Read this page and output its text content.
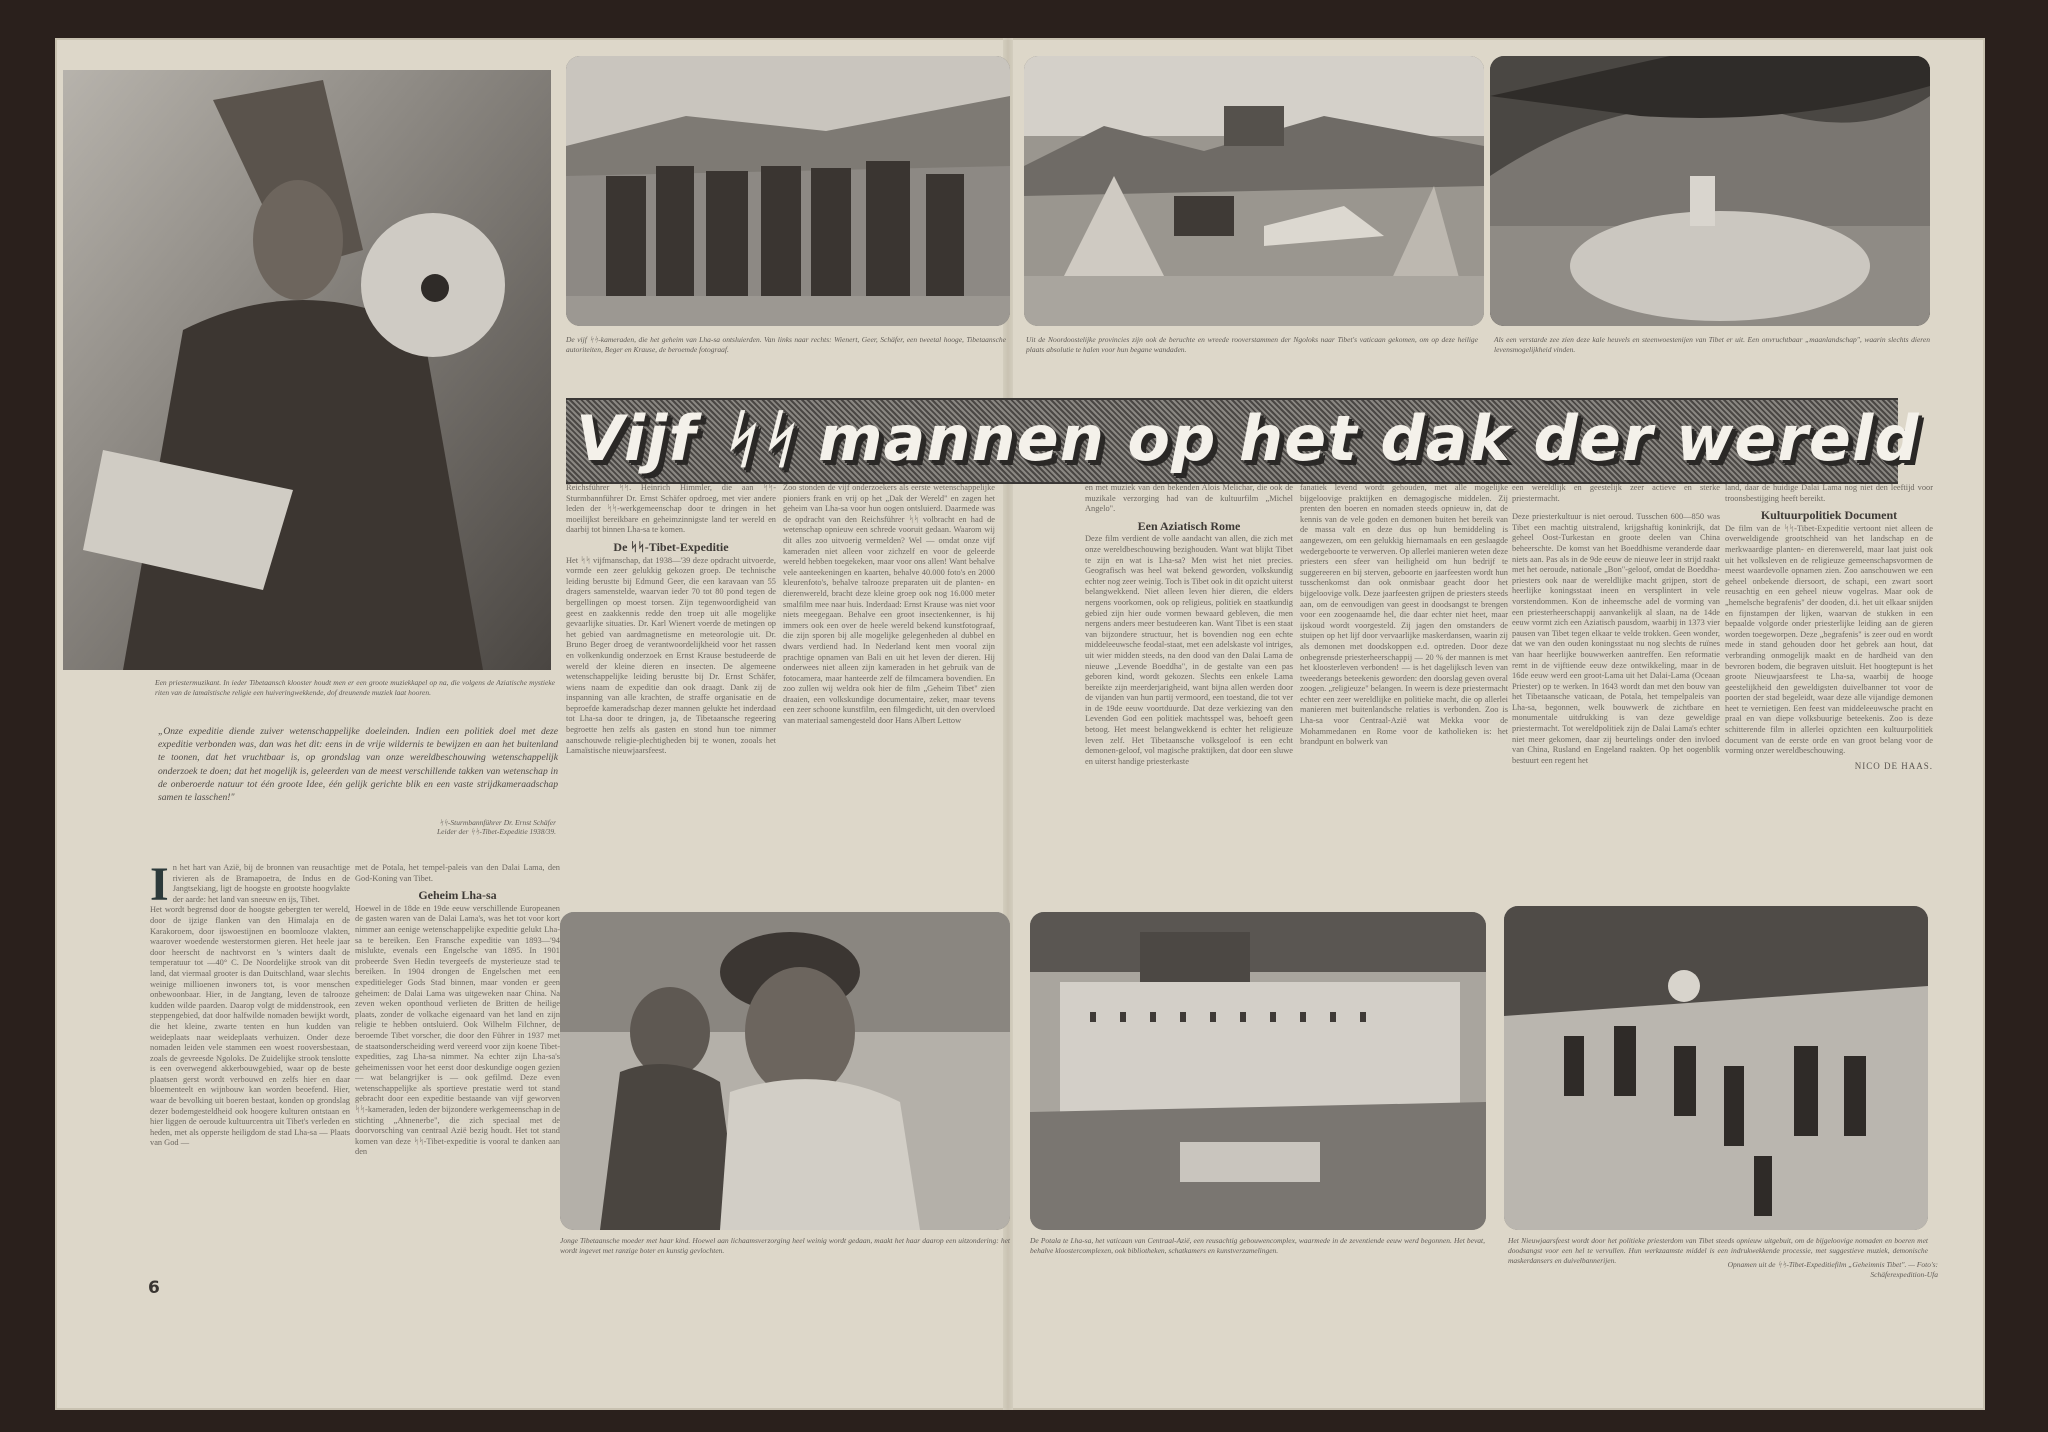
Een priestermuzikant. In ieder Tibetaansch klooster houdt men er een groote muziekkapel op na, die volgens de Aziatische mystieke riten van de lamaïstische religie een huiveringwekkende, dof dreunende muziek laat hooren.
De vijf ᛋᛋ-kameraden, die het geheim van Lha-sa ontsluierden. Van links naar rechts: Wienert, Geer, Schäfer, een tweetal hooge, Tibetaansche autoriteiten, Beger en Krause, de beroemde fotograaf.
Uit de Noordoostelijke provincies zijn ook de beruchte en wreede rooverstammen der Ngoloks naar Tibet's vaticaan gekomen, om op deze heilige plaats absolutie te halen voor hun begane wandaden.
Als een verstarde zee zien deze kale heuvels en steenwoestenijen van Tibet er uit. Een onvruchtbaar „maanlandschap", waarin slechts dieren levensmogelijkheid vinden.
Vijf ᛋᛋ mannen op het dak der wereld
„Onze expeditie diende zuiver wetenschappelijke doeleinden. Indien een politiek doel met deze expeditie verbonden was, dan was het dit: eens in de vrije wildernis te bewijzen en aan het buitenland te toonen, dat het vruchtbaar is, op grondslag van onze wereldbeschouwing wetenschappelijk onderzoek te doen; dat het mogelijk is, geleerden van de meest verschillende takken van wetenschap in de onberoerde natuur tot één groote Idee, één gelijk gerichte blik en een vaste strijdkameraadschap samen te lasschen!"
ᛋᛋ-Sturmbannführer Dr. Ernst Schäfer
Leider der ᛋᛋ-Tibet-Expeditie 1938/39.
I n het hart van Azië, bij de bronnen van reusachtige rivieren als de Bramapoetra, de Indus en de Jangtsekiang, ligt de hoogste en grootste hoogvlakte der aarde: het land van sneeuw en ijs, Tibet.

Het wordt begrensd door de hoogste gebergten ter wereld, door de ijzige flanken van den Himalaja en de Karakoroem, door ijswoestijnen en boomlooze vlakten, waarover woedende westerstormen gieren. Het heele jaar door heerscht de nachtvorst en 's winters daalt de temperatuur tot —40° C. De Noordelijke strook van dit land, dat viermaal grooter is dan Duitschland, waar slechts weinige millioenen inwoners tot, is voor menschen onbewoonbaar. Hier, in de Jangtang, leven de talrooze kudden wilde paarden. Daarop volgt de middenstrook, een steppengebied, dat door halfwilde nomaden bewijkt wordt, die het kleine, zwarte tenten en hun kudden van weideplaats naar weideplaats verhuizen. Onder deze nomaden leiden vele stammen een woest rooversbestaan, zoals de gevreesde Ngoloks. De Zuidelijke strook tenslotte is een overwegend akkerbouwgebied, waar op de beste plaatsen gerst wordt verbouwd en zelfs hier en daar bloementeelt en wijnbouw kan worden beoefend. Hier, waar de bevolking uit boeren bestaat, konden op grondslag dezer bodemgesteldheid ook hoogere kulturen ontstaan en hier liggen de oeroude kultuurcentra uit Tibet's verleden en heden, met als opperste heiligdom de stad Lha-sa — Plaats van God —

met de Potala, het tempel-paleis van den Dalai Lama, den God-Koning van Tibet.

Geheim Lha-sa

Hoewel in de 18de en 19de eeuw verschillende Europeanen de gasten waren van de Dalai Lama's, was het tot voor kort nimmer aan eenige wetenschappelijke expeditie gelukt Lha-sa te bereiken. Een Fransche expeditie van 1893—'94 mislukte, evenals een Engelsche van 1895. In 1901 probeerde Sven Hedin tevergeefs de mysterieuze stad te bereiken. In 1904 drongen de Engelschen met een expeditieleger Gods Stad binnen, maar vonden er geen geheimen: de Dalai Lama was uitgeweken naar China. Na zeven weken oponthoud verlieten de Britten de heilige plaats, zonder de volkache eigenaard van het land en zijn religie te hebben ontsluierd. Ook Wilhelm Filchner, de beroemde Tibet vorscher, die door den Führer in 1937 met de staatsonderscheiding werd vereerd voor zijn koene Tibet-expedities, zag Lha-sa nimmer. Na echter zijn Lha-sa's geheimenissen voor het eerst door deskundige oogen gezien — wat belangrijker is — ook gefilmd. Deze even wetenschappelijke als sportieve prestatie werd tot stand gebracht door een expeditie bestaande van vijf geworven ᛋᛋ-kameraden, leden der bijzondere werkgemeenschap in de stichting „Ahnenerbe", die zich speciaal met de doorvorsching van centraal Azië bezig houdt. Het tot stand komen van deze ᛋᛋ-Tibet-expeditie is vooral te danken aan den

Reichsführer ᛋᛋ. Heinrich Himmler, die aan ᛋᛋ-Sturmbannführer Dr. Ernst Schäfer opdroeg, met vier andere leden der ᛋᛋ-werkgemeenschap door te dringen in het moeilijkst bereikbare en geheimzinnigste land ter wereld en daarbij tot binnen Lha-sa te komen.

De ᛋᛋ-Tibet-Expeditie

Het ᛋᛋ vijfmanschap, dat 1938—'39 deze opdracht uitvoerde, vormde een zeer gelukkig gekozen groep. De technische leiding berustte bij Edmund Geer, die een karavaan van 55 dragers samenstelde, waarvan ieder 70 tot 80 pond tegen de bergellingen op moest torsen. Zijn tegenwoordigheid van geest en zaakkennis redde den troep uit alle mogelijke gevaarlijke situaties. Dr. Karl Wienert voerde de metingen op het gebied van aardmagnetisme en meteorologie uit. Dr. Bruno Beger droeg de verantwoordelijkheid voor het rassen en volkenkundig onderzoek en Ernst Krause bestudeerde de wereld der kleine dieren en insecten. De algemeene wetenschappelijke leiding berustte bij Dr. Ernst Schäfer, wiens naam de expeditie dan ook draagt. Dank zij de inspanning van alle krachten, de straffe organisatie en de beproefde kameradschap dezer mannen gelukte het inderdaad tot Lha-sa door te dringen, ja, de Tibetaansche regeering begroette hen zelfs als gasten en stond hun toe nimmer aanschouwde religie-plechtigheden bij te wonen, zooals het Lamaïstische nieuwjaarsfeest.

Zoo stonden de vijf onderzoekers als eerste wetenschappelijke pioniers frank en vrij op het „Dak der Wereld" en zagen het geheim van Lha-sa voor hun oogen ontsluierd. Daarmede was de opdracht van den Reichsführer ᛋᛋ volbracht en had de wetenschap opnieuw een schrede vooruit gedaan. Waarom wij dit alles zoo uitvoerig vermelden? Wel — omdat onze vijf kameraden niet alleen voor zichzelf en voor de geleerde wereld hebben toegekeken, maar voor ons allen! Want behalve vele aanteekeningen en kaarten, behalve 40.000 foto's en 2000 kleurenfoto's, behalve talrooze preparaten uit de planten- en dierenwereld, bracht deze kleine groep ook nog 16.000 meter smalfilm mee naar huis. Inderdaad: Ernst Krause was niet voor niets meegegaan. Behalve een groot insectenkenner, is hij immers ook een over de heele wereld bekend kunstfotograaf, die zijn sporen bij alle mogelijke gelegenheden al dubbel en dwars verdiend had. In Nederland kent men vooral zijn prachtige opnamen van Bali en uit het leven der dieren. Hij onderwees niet alleen zijn kameraden in het gebruik van de fotocamera, maar hanteerde zelf de filmcamera bovendien. En zoo zullen wij weldra ook hier de film „Geheim Tibet" zien draaien, een volkskundige documentaire, zeker, maar tevens een zeer schoone kunstfilm, een filmgedicht, uit den overvloed van materiaal samengesteld door Hans Albert Lettow

en met muziek van den bekenden Alois Melichar, die ook de muzikale verzorging had van de kultuurfilm „Michel Angelo".

Een Aziatisch Rome

Deze film verdient de volle aandacht van allen, die zich met onze wereldbeschouwing bezighouden. Want wat blijkt Tibet te zijn en wat is Lha-sa? Men wist het niet precies. Geografisch was heel wat bekend geworden, volkskundig echter nog zeer weinig. Toch is Tibet ook in dit opzicht uiterst belangwekkend. Niet alleen leven hier dieren, die elders nergens voorkomen, ook op religieus, politiek en staatkundig gebied zijn hier oude vormen bewaard gebleven, die men nergens anders meer bestudeeren kan. Want Tibet is een staat van bijzondere structuur, het is bovendien nog een echte middeleeuwsche feodal-staat, met een adelskaste vol intriges, uit wier midden steeds, na den dood van den Dalai Lama de nieuwe „Levende Boeddha", in de gestalte van een pas geboren kind, wordt gekozen. Slechts een enkele Lama bereikte zijn meerderjarigheid, want bijna allen werden door de vijanden van hun partij vermoord, een toestand, die tot ver in de 19de eeuw voortduurde. Dat deze verkiezing van den Levenden God een politiek machtsspel was, behoeft geen betoog. Het meest belangwekkend is echter het religieuze leven zelf. Het Tibetaansche volksgeloof is een echt demonen-geloof, vol magische praktijken, dat door een sluwe en uiterst handige priesterkaste

fanatiek levend wordt gehouden, met alle mogelijke bijgeloovige praktijken en demagogische middelen. Zij prenten den boeren en nomaden steeds opnieuw in, dat de kennis van de vele goden en demonen buiten het bereik van de massa valt en deze dus op hun bemiddeling is aangewezen, om een gelukkig hiernamaals en een geslaagde wedergeboorte te verwerven. Op allerlei manieren weten deze priesters een sfeer van heiligheid om hun bedrijf te suggereeren en bij sterven, geboorte en jaarfeesten wordt hun tusschenkomst dan ook onmisbaar geacht door het bijgeloovige volk. Deze jaarfeesten grijpen de priesters steeds aan, om de eenvoudigen van geest in doodsangst te brengen voor een zoogenaamde hel, die daar echter niet heet, maar ijskoud wordt voorgesteld. Zij jagen den omstanders de stuipen op het lijf door vervaarlijke maskerdansen, waarin zij als demonen met doodskoppen e.d. optreden. Door deze onbegrensde priesterheerschappij — 20 % der mannen is met het kloosterleven verbonden! — is het dagelijksch leven van tweederangs beteekenis geworden: den doorslag geven overal zoogen. „religieuze" belangen. In weern is deze priestermacht echter een zeer wereldlijke en politieke macht, die op allerlei manieren met buitenlandsche relaties is verbonden. Zoo is Lha-sa voor Centraal-Azië wat Mekka voor de Mohammedanen en Rome voor de katholieken is: het brandpunt en bolwerk van

een wereldlijk en geestelijk zeer actieve en sterke priestermacht.

Deze priesterkultuur is niet oeroud. Tusschen 600—850 was Tibet een machtig uitstralend, krijgshaftig koninkrijk, dat geheel Oost-Turkestan en groote deelen van China beheerschte. De komst van het Boeddhisme veranderde daar niets aan. Pas als in de 9de eeuw de nieuwe leer in strijd raakt met het oeroude, nationale „Bon"-geloof, omdat de Boeddha-priesters ook naar de wereldlijke macht grijpen, stort de heerlijke koningsstaat ineen en versplintert in vele vorstendommen. Kon de inheemsche adel de vorming van een priesterheerschappij aanvankelijk al slaan, na de 14de eeuw vormt zich een Aziatisch pausdom, waarbij in 1373 vier pausen van Tibet tegen elkaar te velde trokken. Geen wonder, dat we van den ouden koningsstaat nu nog slechts de ruïnes van haar heerlijke bouwwerken aantreffen. Een reformatie remt in de vijftiende eeuw deze ontwikkeling, maar in de 16de eeuw werd een groot-Lama uit het Dalai-Lama (Oceaan Priester) op te werken. In 1643 wordt dan met den bouw van het Tibetaansche vaticaan, de Potala, het tempelpaleis van Lha-sa, begonnen, welk bouwwerk de zichtbare en monumentale uitdrukking is van deze geweldige priestermacht. Tot wereldpolitiek zijn de Dalai Lama's echter niet meer gekomen, daar zij beurtelings onder den invloed van China, Rusland en Engeland raakten. Op het oogenblik bestuurt een regent het

land, daar de huidige Dalai Lama nog niet den leeftijd voor troonsbestijging heeft bereikt.

Kultuurpolitiek Document

De film van de ᛋᛋ-Tibet-Expeditie vertoont niet alleen de overweldigende grootschheid van het landschap en de merkwaardige planten- en dierenwereld, maar laat juist ook uit het volksleven en de religieuze gemeenschapsvormen de meest waardevolle opnamen zien. Zoo aanschouwen we een geheel onbekende diersoort, de schapi, een zwart soort reusachtig en een geheel nieuw vogelras. Maar ook de „hemelsche begrafenis" der dooden, d.i. het uit elkaar snijden en fijnstampen der lijken, waarvan de stukken in een bepaalde volgorde onder priesterlijke leiding aan de gieren worden toegeworpen. Deze „begrafenis" is zeer oud en wordt mede in stand gehouden door het gebrek aan hout, dat verbranding onmogelijk maakt en de hardheid van den bevroren bodem, die begraven uitsluit. Het hoogtepunt is het groote Nieuwjaarsfeest te Lha-sa, waarbij de hooge geestelijkheid den geweldigsten duivelbanner tot voor de poorten der stad begeleidt, waar deze alle vijandige demonen heet te vernietigen. Een feest van middeleeuwsche pracht en praal en van diepe volksbuurige beteekenis. Zoo is deze schitterende film in allerlei opzichten een kultuurpolitiek document van de eerste orde en van groot belang voor de vorming onzer wereldbeschouwing.

NICO DE HAAS.
Jonge Tibetaansche moeder met haar kind. Hoewel aan lichaamsverzorging heel weinig wordt gedaan, maakt het haar daarop een uitzondering: het wordt ingevet met ranzige boter en kunstig gevlochten.
De Potala te Lha-sa, het vaticaan van Centraal-Azië, een reusachtig gebouwencomplex, waarmede in de zeventiende eeuw werd begonnen. Het bevat, behalve kloostercomplexen, ook bibliotheken, schatkamers en kunstverzamelingen.
Het Nieuwjaarsfeest wordt door het politieke priesterdom van Tibet steeds opnieuw uitgebuit, om de bijgeloovige nomaden en boeren met doodsangst voor een hel te vervullen. Hun werkzaamste middel is een indrukwekkende processie, met suggestieve muziek, demonische maskerdansers en duivelbannerijen.	Opnamen uit de ᛋᛋ-Tibet-Expeditiefilm „Geheimnis Tibet". — Foto's: Schäferexpedition-Ufa
6
